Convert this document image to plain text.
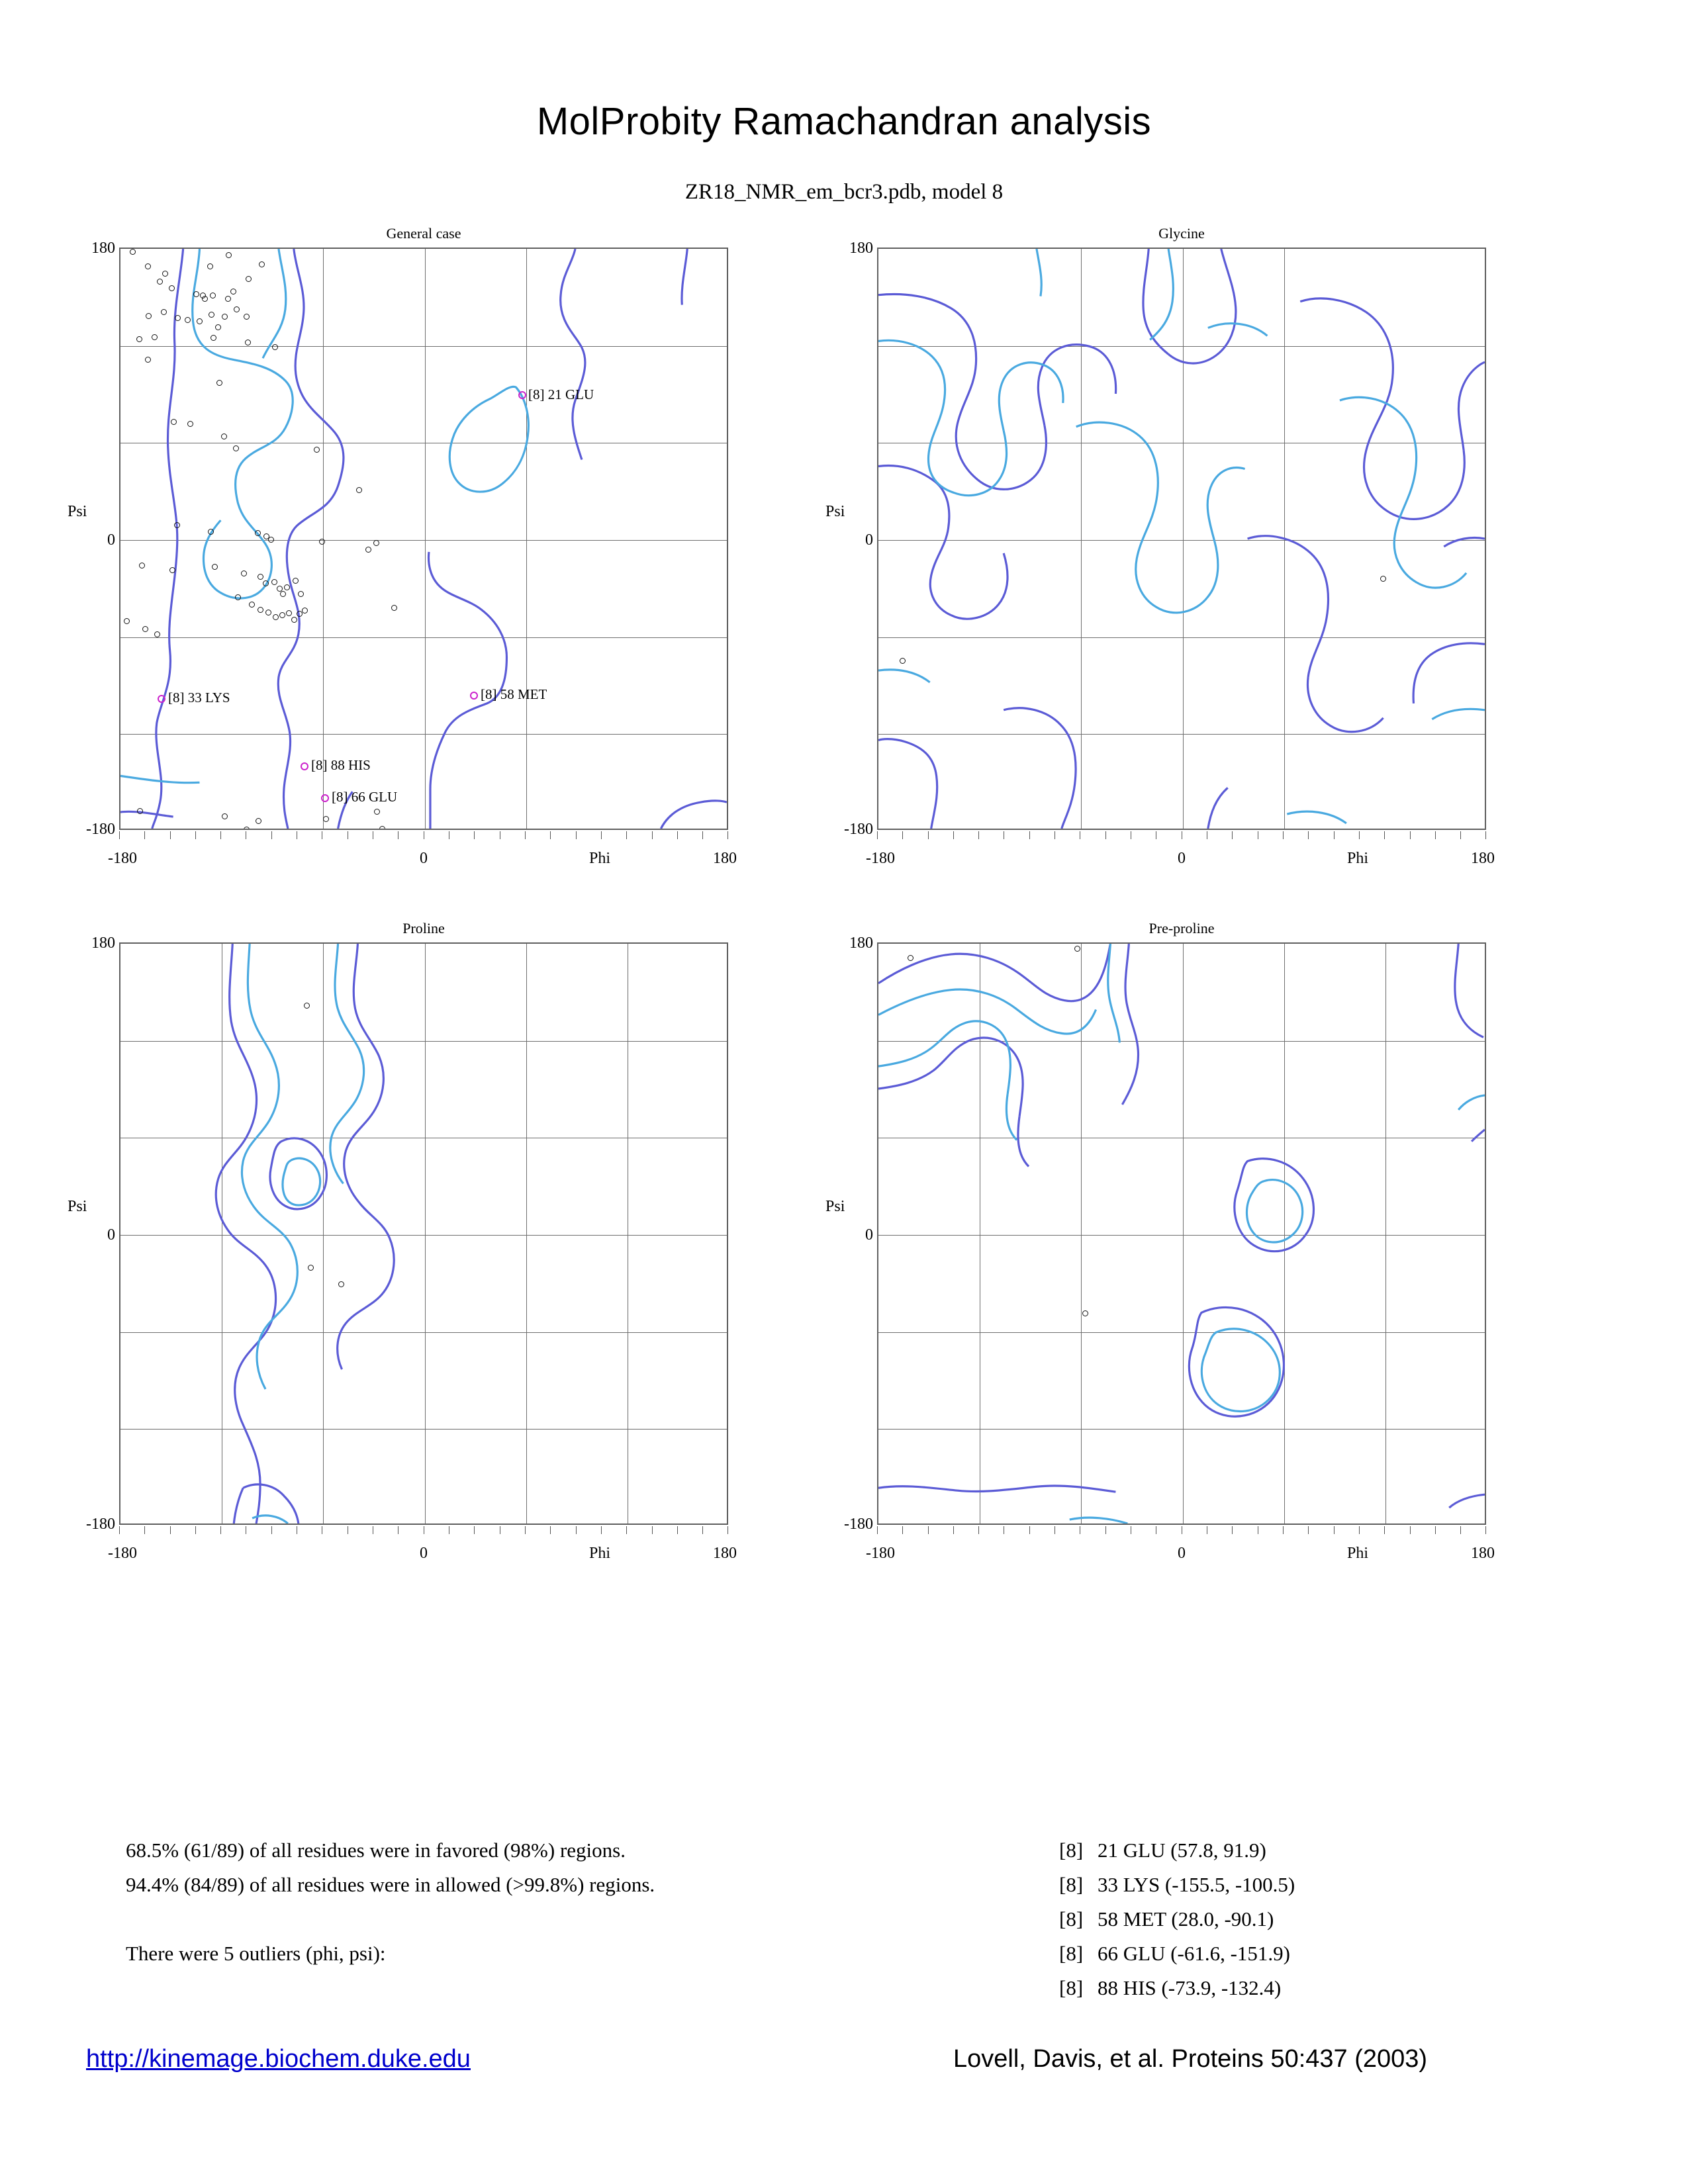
MolProbity Ramachandran analysis
ZR18_NMR_em_bcr3.pdb, model 8
General case
[8] 21 GLU
[8] 33 LYS	[8] 58 MET
[8] 66 GLU
[8] 88 HIS
Psi
Phi
180
0
-180
-180	0	180
Glycine
Psi
Phi
180
0
-180
-180	0	180
Proline
Psi
Phi
180
0
-180
-180	0	180
Pre-proline
Psi
Phi
180
0
-180
-180	0	180
68.5% (61/89) of all residues were in favored (98%) regions.
94.4% (84/89) of all residues were in allowed (>99.8%) regions.
There were 5 outliers (phi, psi):
[8] 21 GLU (57.8, 91.9)
[8] 33 LYS (-155.5, -100.5)
[8] 58 MET (28.0, -90.1)
[8] 66 GLU (-61.6, -151.9)
[8] 88 HIS (-73.9, -132.4)
http://kinemage.biochem.duke.edu	Lovell, Davis, et al. Proteins 50:437 (2003)
